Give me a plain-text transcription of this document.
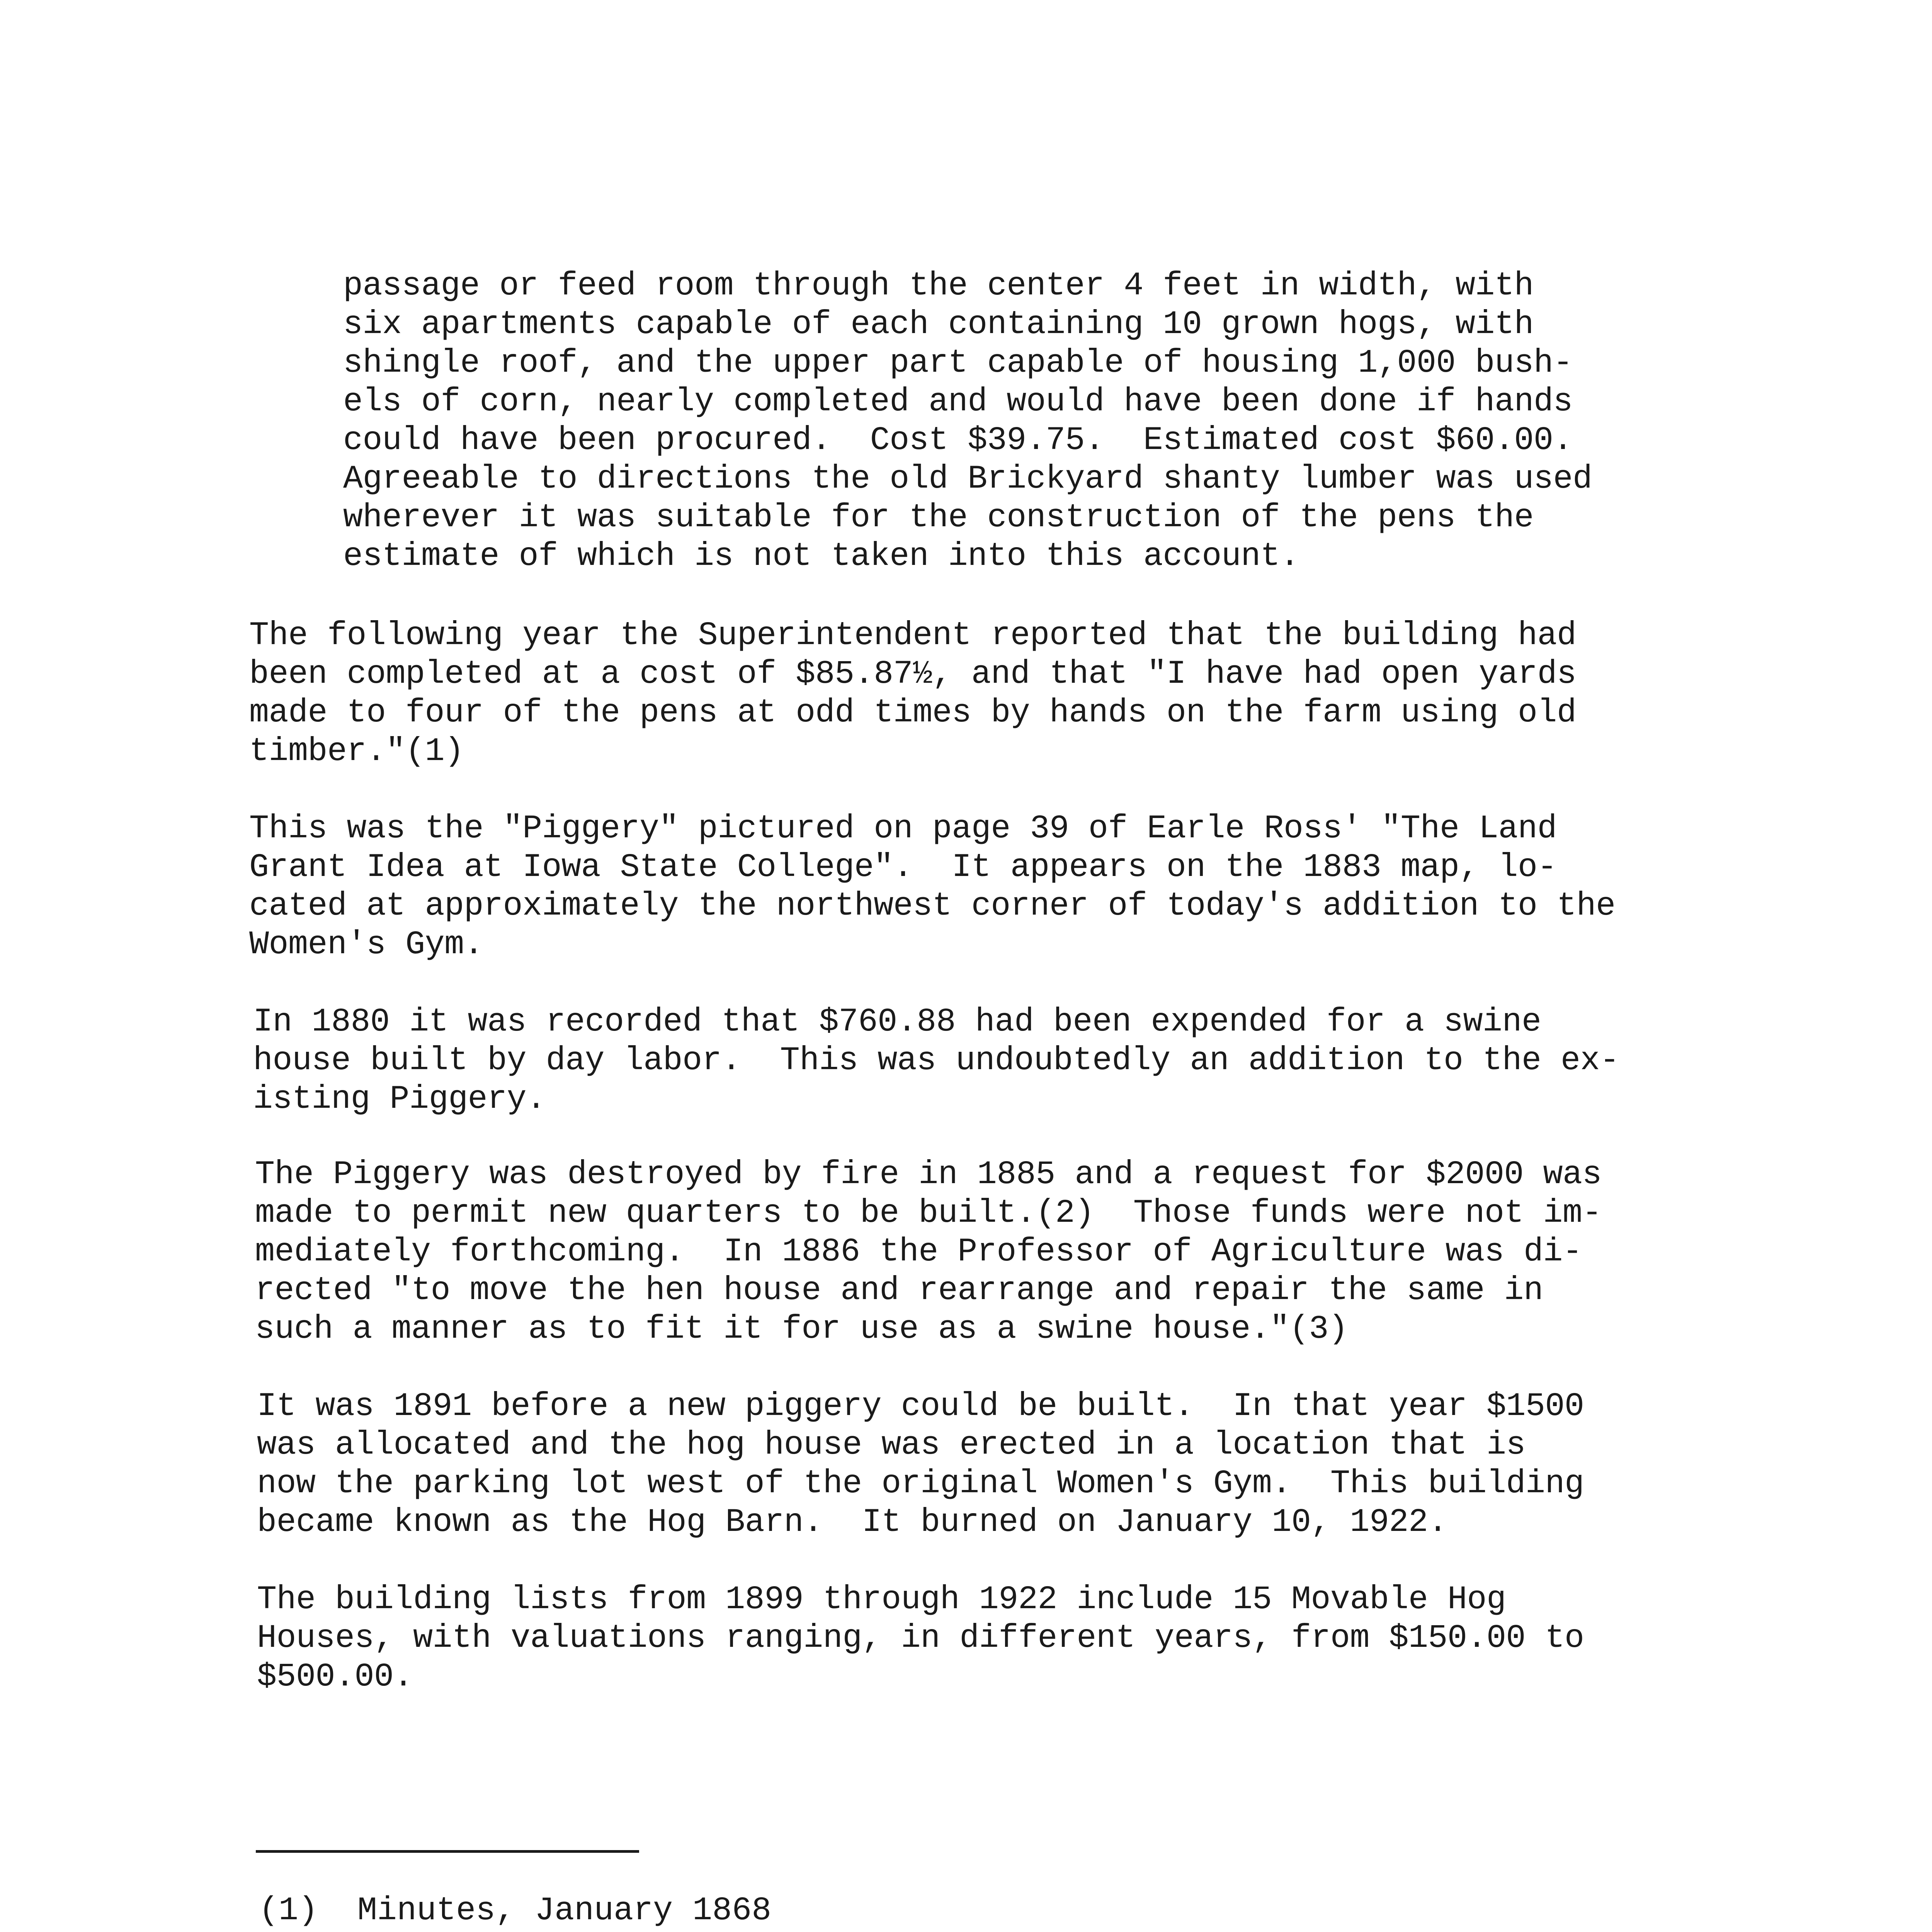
passage or feed room through the center 4 feet in width, with
six apartments capable of each containing 10 grown hogs, with
shingle roof, and the upper part capable of housing 1,000 bush-
els of corn, nearly completed and would have been done if hands
could have been procured.  Cost $39.75.  Estimated cost $60.00.
Agreeable to directions the old Brickyard shanty lumber was used
wherever it was suitable for the construction of the pens the
estimate of which is not taken into this account.

The following year the Superintendent reported that the building had
been completed at a cost of $85.87½, and that "I have had open yards
made to four of the pens at odd times by hands on the farm using old
timber."(1)

This was the "Piggery" pictured on page 39 of Earle Ross' "The Land
Grant Idea at Iowa State College".  It appears on the 1883 map, lo-
cated at approximately the northwest corner of today's addition to the
Women's Gym.

In 1880 it was recorded that $760.88 had been expended for a swine
house built by day labor.  This was undoubtedly an addition to the ex-
isting Piggery.

The Piggery was destroyed by fire in 1885 and a request for $2000 was
made to permit new quarters to be built.(2)  Those funds were not im-
mediately forthcoming.  In 1886 the Professor of Agriculture was di-
rected "to move the hen house and rearrange and repair the same in
such a manner as to fit it for use as a swine house."(3)

It was 1891 before a new piggery could be built.  In that year $1500
was allocated and the hog house was erected in a location that is
now the parking lot west of the original Women's Gym.  This building
became known as the Hog Barn.  It burned on January 10, 1922.

The building lists from 1899 through 1922 include 15 Movable Hog
Houses, with valuations ranging, in different years, from $150.00 to
$500.00.

(1)  Minutes, January 1868
